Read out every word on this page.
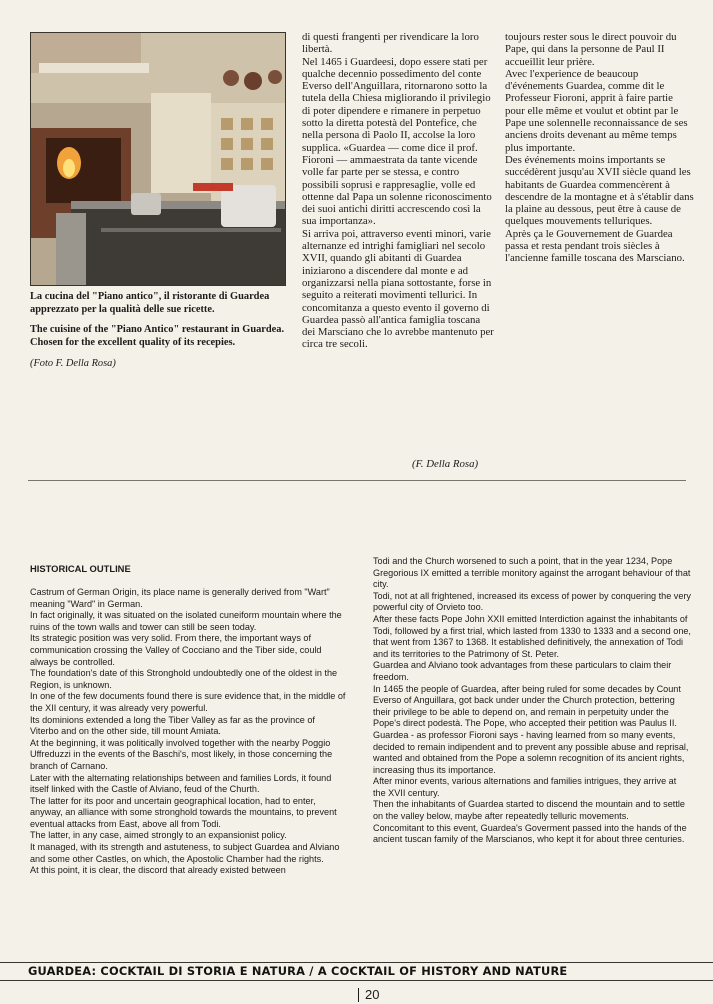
La cucina del "Piano antico", il ristorante di Guardea apprezzato per la qualità delle sue ricette.
The cuisine of the "Piano Antico" restaurant in Guardea. Chosen for the excellent quality of its recepies.
(Foto F. Della Rosa)

di questi frangenti per rivendicare la loro libertà.

Nel 1465 i Guardeesi, dopo essere stati per qualche decennio possedimento del conte Everso dell'Anguillara, ritornarono sotto la tutela della Chiesa migliorando il privilegio di poter dipendere e rimanere in perpetuo sotto la diretta potestà del Pontefice, che nella persona di Paolo II, accolse la loro supplica. «Guardea — come dice il prof. Fioroni — ammaestrata da tante vicende volle far parte per se stessa, e contro possibili soprusi e rappresaglie, volle ed ottenne dal Papa un solenne riconoscimento dei suoi antichi diritti accrescendo così la sua importanza».

Si arriva poi, attraverso eventi minori, varie alternanze ed intrighi famigliari nel secolo XVII, quando gli abitanti di Guardea iniziarono a discendere dal monte e ad organizzarsi nella piana sottostante, forse in seguito a reiterati movimenti tellurici. In concomitanza a questo evento il governo di Guardea passò all'antica famiglia toscana dei Marsciano che lo avrebbe mantenuto per circa tre secoli.

(F. Della Rosa)

toujours rester sous le direct pouvoir du Pape, qui dans la personne de Paul II accueillit leur prière.

Avec l'experience de beaucoup d'événements Guardea, comme dit le Professeur Fioroni, apprit à faire partie pour elle même et voulut et obtint par le Pape une solennelle reconnaissance de ses anciens droits devenant au même temps plus importante.

Des événements moins importants se succédèrent jusqu'au XVII siècle quand les habitants de Guardea commencèrent à descendre de la montagne et à s'établir dans la plaine au dessous, peut être à cause de quelques mouvements telluriques.

Après ça le Gouvernement de Guardea passa et resta pendant trois siècles à l'ancienne famille toscana des Marsciano.

HISTORICAL OUTLINE

Castrum of German Origin, its place name is generally derived from "Wart" meaning "Ward" in German.

In fact originally, it was situated on the isolated cuneiform mountain where the ruins of the town walls and tower can still be seen today.

Its strategic position was very solid. From there, the important ways of communication crossing the Valley of Cocciano and the Tiber side, could always be controlled.

The foundation's date of this Stronghold undoubtedly one of the oldest in the Region, is unknown.

In one of the few documents found there is sure evidence that, in the middle of the XII century, it was already very powerful.

Its dominions extended a long the Tiber Valley as far as the province of Viterbo and on the other side, till mount Amiata.

At the beginning, it was politically involved together with the nearby Poggio Uffreduzzi in the events of the Baschi's, most likely, in those concerning the branch of Carnano.

Later with the alternating relationships between and families Lords, it found itself linked with the Castle of Alviano, feud of the Churth.

The latter for its poor and uncertain geographical location, had to enter, anyway, an alliance with some stronghold towards the mountains, to prevent eventual attacks from East, above all from Todi.

The latter, in any case, aimed strongly to an expansionist policy.

It managed, with its strength and astuteness, to subject Guardea and Alviano and some other Castles, on which, the Apostolic Chamber had the rights.

At this point, it is clear, the discord that already existed between

Todi and the Church worsened to such a point, that in the year 1234, Pope Gregorious IX emitted a terrible monitory against the arrogant behaviour of that city.

Todi, not at all frightened, increased its excess of power by conquering the very powerful city of Orvieto too.

After these facts Pope John XXII emitted Interdiction against the inhabitants of Todi, followed by a first trial, which lasted from 1330 to 1333 and a second one, that went from 1367 to 1368. It established definitively, the annexation of Todi and its territories to the Patrimony of St. Peter.

Guardea and Alviano took advantages from these particulars to claim their freedom.

In 1465 the people of Guardea, after being ruled for some decades by Count Everso of Anguillara, got back under under the Church protection, bettering their privilege to be able to depend on, and remain in perpetuity under the Pope's direct podestà. The Pope, who accepted their petition was Paulus II.

Guardea - as professor Fioroni says - having learned from so many events, decided to remain indipendent and to prevent any possible abuse and reprisal, wanted and obtained from the Pope a solemn recognition of its ancient rights, increasing thus its importance.

After minor events, various alternations and families intrigues, they arrive at the XVII century.

Then the inhabitants of Guardea started to discend the mountain and to settle on the valley below, maybe after repeatedly telluric movements.

Concomitant to this event, Guardea's Goverment passed into the hands of the ancient tuscan family of the Marscianos, who kept it for about three centuries.

GUARDEA: COCKTAIL DI STORIA E NATURA / A COCKTAIL OF HISTORY AND NATURE
20
